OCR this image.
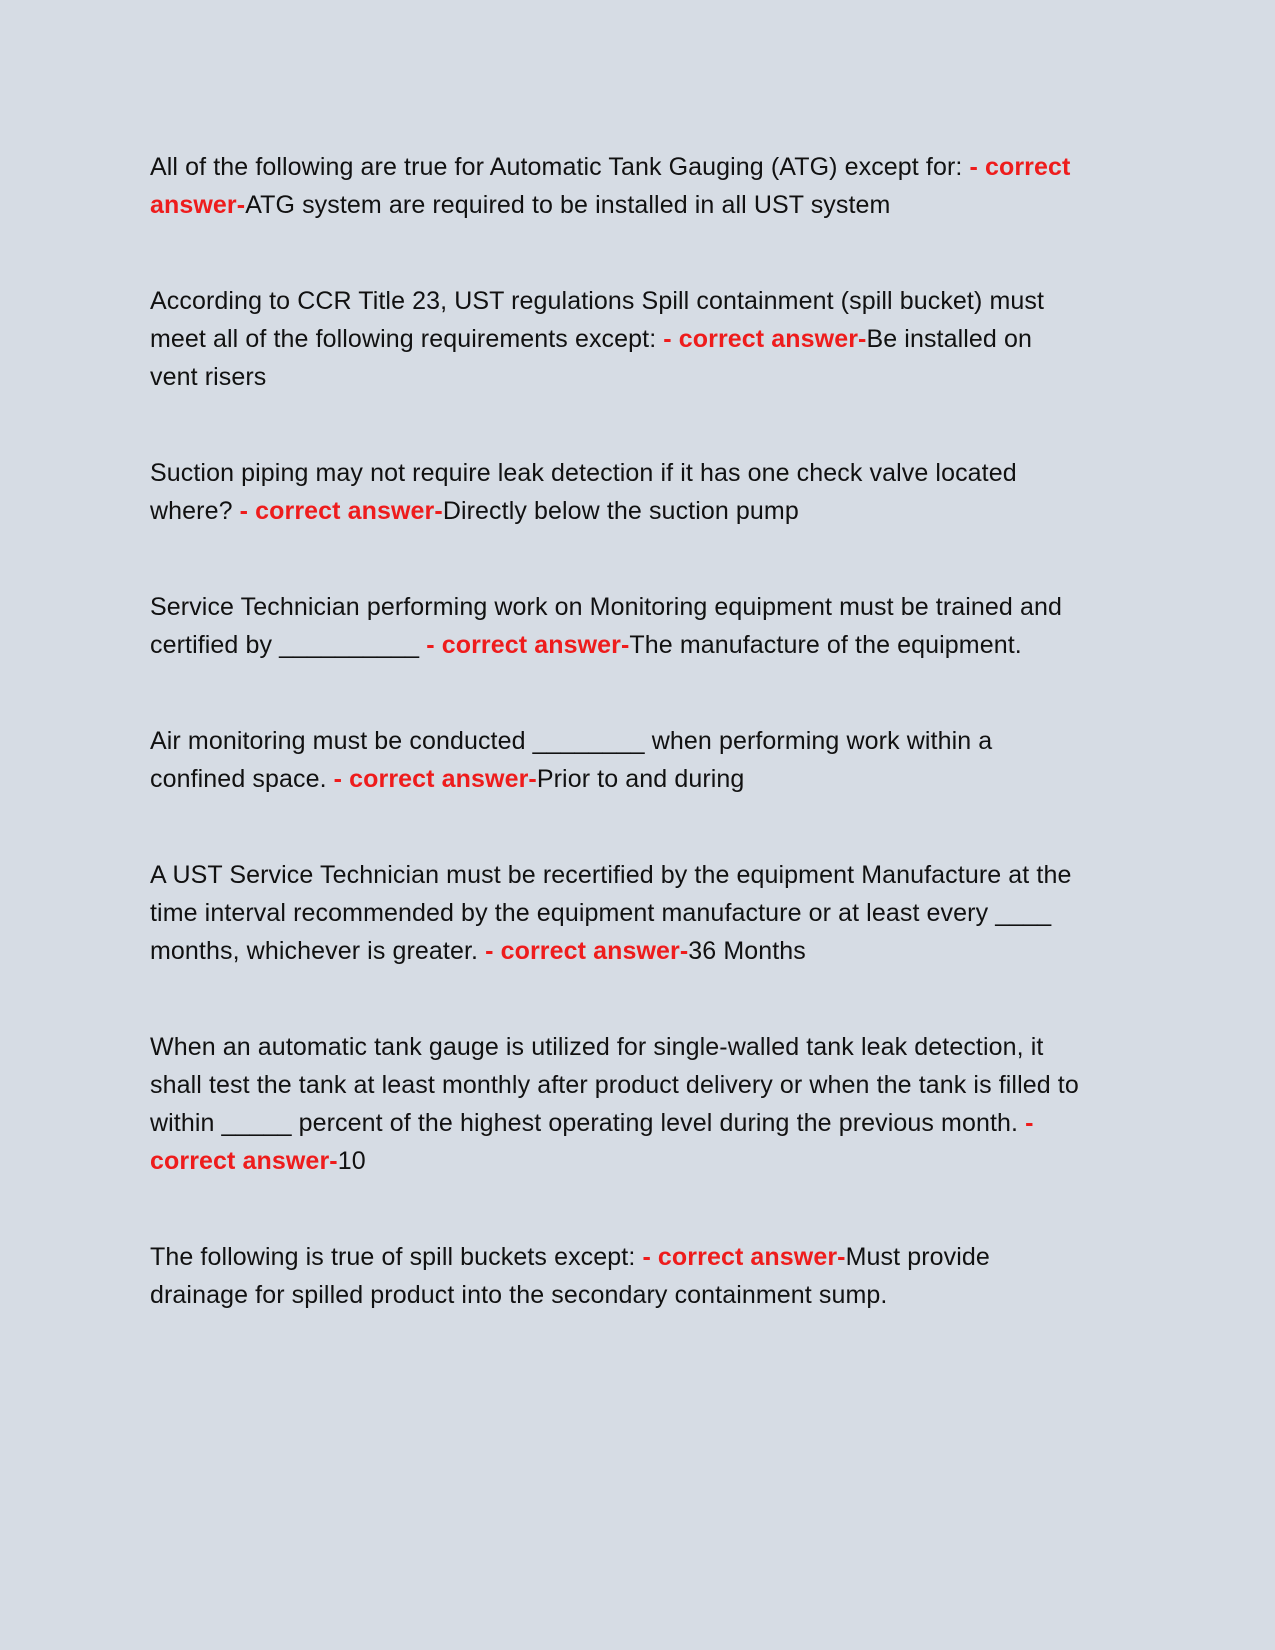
All of the following are true for Automatic Tank Gauging (ATG) except for: - correct answer-ATG system are required to be installed in all UST system

According to CCR Title 23, UST regulations Spill containment (spill bucket) must meet all of the following requirements except: - correct answer-Be installed on vent risers

Suction piping may not require leak detection if it has one check valve located where? - correct answer-Directly below the suction pump

Service Technician performing work on Monitoring equipment must be trained and certified by __________ - correct answer-The manufacture of the equipment.

Air monitoring must be conducted ________ when performing work within a confined space. - correct answer-Prior to and during

A UST Service Technician must be recertified by the equipment Manufacture at the time interval recommended by the equipment manufacture or at least every ____ months, whichever is greater. - correct answer-36 Months

When an automatic tank gauge is utilized for single-walled tank leak detection, it shall test the tank at least monthly after product delivery or when the tank is filled to within _____ percent of the highest operating level during the previous month. - correct answer-10

The following is true of spill buckets except: - correct answer-Must provide drainage for spilled product into the secondary containment sump.
